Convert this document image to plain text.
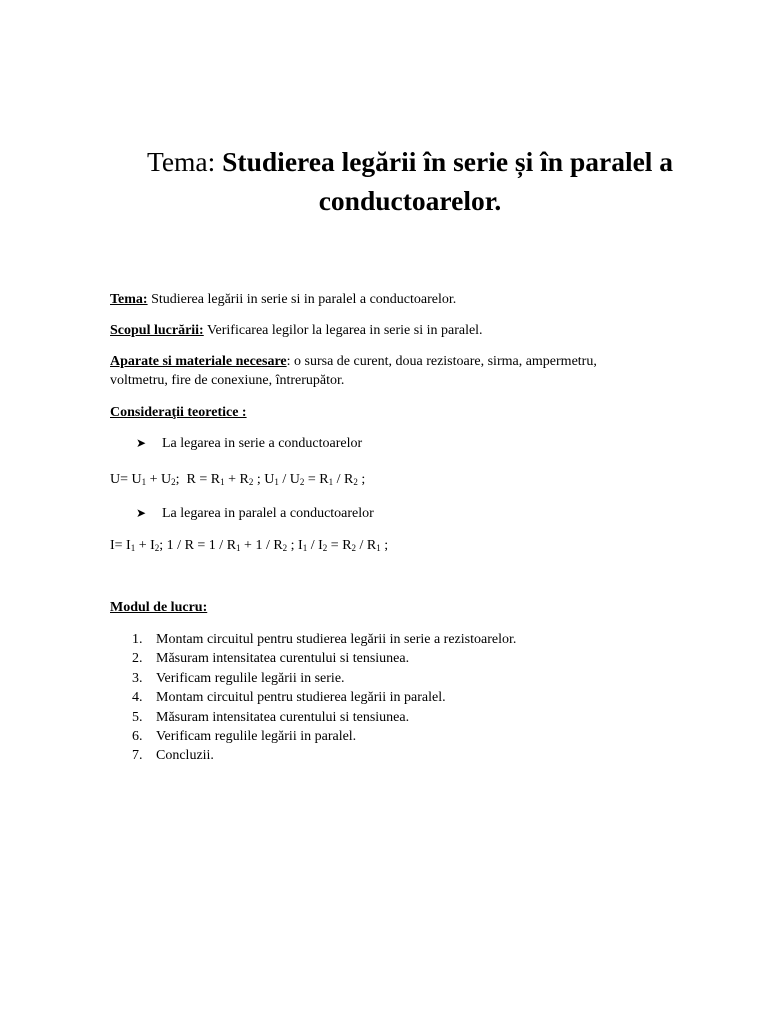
Tema: Studierea legării în serie și în paralel a conductoarelor.
Tema: Studierea legării in serie si in paralel a conductoarelor.
Scopul lucrării: Verificarea legilor la legarea in serie si in paralel.
Aparate si materiale necesare: o sursa de curent, doua rezistoare, sirma, ampermetru, voltmetru, fire de conexiune, întrerupător.
Consideraţii teoretice :
➤ La legarea in serie a conductoarelor
$U= U_1 + U_2$;  $R = R_1 + R_2$ ; $U_1 / U_2 = R_1 / R_2$ ;
➤ La legarea in paralel a conductoarelor
$I= I_1 + I_2$; $1 / R = 1 / R_1 + 1 / R_2$ ; $I_1 / I_2 = R_2 / R_1$ ;
Modul de lucru:
1. Montam circuitul pentru studierea legării in serie a rezistoarelor.
2. Măsuram intensitatea curentului si tensiunea.
3. Verificam regulile legării in serie.
4. Montam circuitul pentru studierea legării in paralel.
5. Măsuram intensitatea curentului si tensiunea.
6. Verificam regulile legării in paralel.
7. Concluzii.
